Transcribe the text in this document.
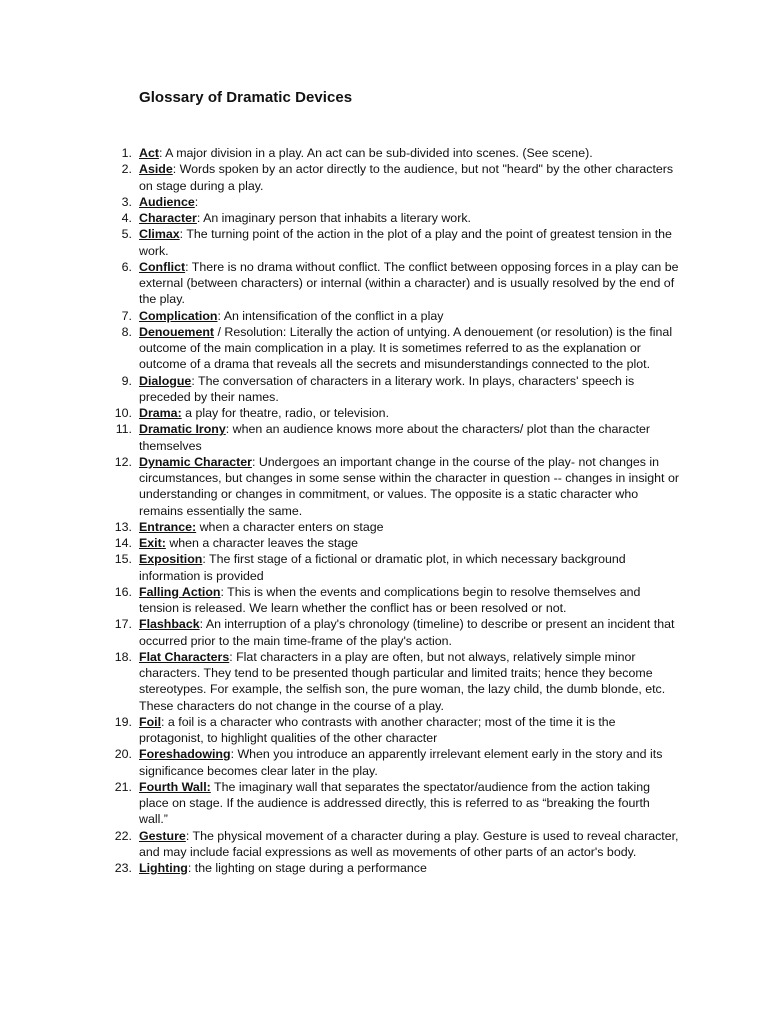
Glossary of Dramatic Devices
1. Act: A major division in a play. An act can be sub-divided into scenes. (See scene).
2. Aside: Words spoken by an actor directly to the audience, but not "heard" by the other characters on stage during a play.
3. Audience:
4. Character: An imaginary person that inhabits a literary work.
5. Climax: The turning point of the action in the plot of a play and the point of greatest tension in the work.
6. Conflict: There is no drama without conflict. The conflict between opposing forces in a play can be external (between characters) or internal (within a character) and is usually resolved by the end of the play.
7. Complication: An intensification of the conflict in a play
8. Denouement / Resolution: Literally the action of untying. A denouement (or resolution) is the final outcome of the main complication in a play. It is sometimes referred to as the explanation or outcome of a drama that reveals all the secrets and misunderstandings connected to the plot.
9. Dialogue: The conversation of characters in a literary work. In plays, characters' speech is preceded by their names.
10. Drama: a play for theatre, radio, or television.
11. Dramatic Irony: when an audience knows more about the characters/ plot than the character themselves
12. Dynamic Character: Undergoes an important change in the course of the play- not changes in circumstances, but changes in some sense within the character in question -- changes in insight or understanding or changes in commitment, or values. The opposite is a static character who remains essentially the same.
13. Entrance: when a character enters on stage
14. Exit: when a character leaves the stage
15. Exposition: The first stage of a fictional or dramatic plot, in which necessary background information is provided
16. Falling Action: This is when the events and complications begin to resolve themselves and tension is released. We learn whether the conflict has or been resolved or not.
17. Flashback: An interruption of a play's chronology (timeline) to describe or present an incident that occurred prior to the main time-frame of the play's action.
18. Flat Characters: Flat characters in a play are often, but not always, relatively simple minor characters. They tend to be presented though particular and limited traits; hence they become stereotypes. For example, the selfish son, the pure woman, the lazy child, the dumb blonde, etc. These characters do not change in the course of a play.
19. Foil: a foil is a character who contrasts with another character; most of the time it is the protagonist, to highlight qualities of the other character
20. Foreshadowing: When you introduce an apparently irrelevant element early in the story and its significance becomes clear later in the play.
21. Fourth Wall: The imaginary wall that separates the spectator/audience from the action taking place on stage. If the audience is addressed directly, this is referred to as “breaking the fourth wall.”
22. Gesture: The physical movement of a character during a play. Gesture is used to reveal character, and may include facial expressions as well as movements of other parts of an actor's body.
23. Lighting: the lighting on stage during a performance
